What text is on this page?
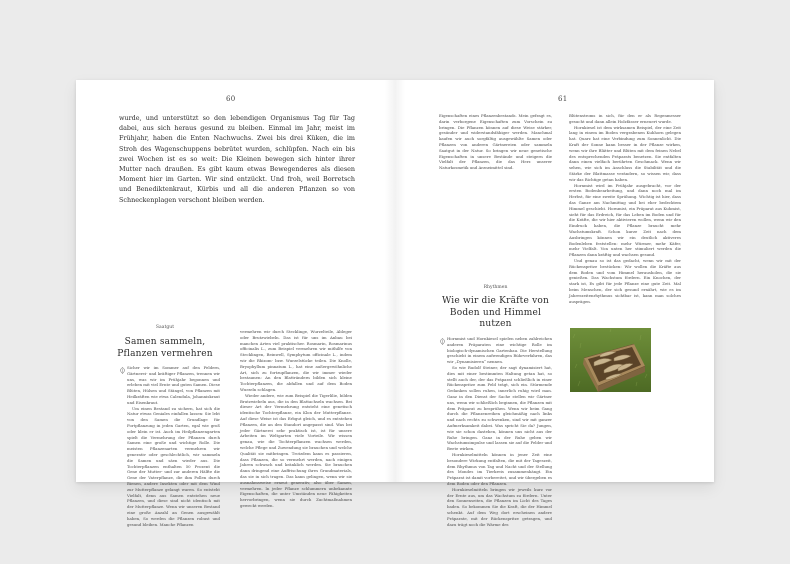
60

wurde, und unterstützt so den lebendigen Organismus Tag für Tag dabei, aus sich heraus gesund zu bleiben. Einmal im Jahr, meist im Frühjahr, haben die Enten Nachwuchs. Zwei bis drei Küken, die im Stroh des Wagenschuppens bebrütet wurden, schlüpfen. Nach ein bis zwei Wochen ist es so weit: Die Kleinen bewegen sich hinter ihrer Mutter nach draußen. Es gibt kaum etwas Bewegenderes als diesen Moment hier im Garten. Wir sind entzückt. Und froh, weil Borretsch und Benediktenkraut, Kürbis und all die anderen Pflanzen so von Schneckenplagen verschont bleiben werden.

Saatgut
Samen sammeln, Pflanzen vermehren

Sicher wir im Sommer auf den Feldern, Gärtnerei- und kräftiger Pflanzen, trennen wir uns, was wir im Frühjahr begonnen und erleben mit viel Ernte und guten Samen. Diese Blüten, Hülsen und Stängel, von Pflanzen mit Heilkräften wie etwa Calendula, Johanniskraut und Eisenkraut.

Um einen Bestand zu sichern, hat sich die Natur etwas Geniales einfallen lassen: Sie lebt von den Samen die Grundlage für Fortpflanzung in jeden Garten, egal wie groß oder klein er ist. Auch im Heilpflanzengarten spielt die Vermehrung der Pflanzen durch Samen eine große und wichtige Rolle. Die meisten Pflanzenarten vermehren wir generativ oder geschlechtlich, wir sammeln die Samen und säen wieder aus. Die Tochterpflanzen enthalten 50 Prozent die Gene der Mutter- und zur anderen Hälfte die Gene der Vaterpflanze, die ihm Pollen durch Bienen, andere Insekten oder mit dem Wind zur Mutterpflanze gelangt waren. So entsteht Vielfalt, denn aus Samen entstehen neue Pflanzen, und diese sind nicht identisch mit der Mutterpflanze. Wenn wir unseren Bestand eine große Anzahl an Genen ausgewählt haben, So werden die Pflanzen robust und gesund bleiben. Manche Pflanzen

vermehren wir durch Stecklinge, Wurzelteile, Ableger oder Brutzwiebeln. Das ist für uns im Anbau bei manchen Arten viel praktischer. Rosmarin, Rosmarinus officinalis L., zum Beispiel vermehren wir mithilfe von Stecklingen, Beinwell, Symphytum officinale L., indem wir die Rhizom- bzw. Wurzelstücke teilen. Die Knolle, Bryophyllum pinnatum L., hat eine außergewöhnliche Art, sich zu fortzupflanzen, die wir immer wieder bestaunen: An den Blatträndern bilden sich kleine Tochterpflanzen, die abfallen und auf dem Boden Wurzeln schlagen.

Wieder andere, wie zum Beispiel die Tigerlilie, bilden Brutzwiebeln aus, die in den Blattachseln wachsen. Bei dieser Art der Vermehrung entsteht eine genetisch identische Tochterpflanze, ein Klon der Mutterpflanze. Auf diese Weise ist das Erbgut gleich, und es entstehen Pflanzen, die an den Standort angepasst sind. Was bei jeder Gärtnerei sehr praktisch ist, ist für unsere Arbeiten im Weltgarten viele Vorteile. Wir wissen genau, wie die Tochterpflanzen wachsen werden, welche Pflege und Zuwendung sie brauchen und welche Qualität sie mitbringen. Trotzdem kann es passieren, dass Pflanzen, die so vermehrt werden, nach einigen Jahren schwach und kränklich werden. Sie brauchen dann dringend eine Auffrischung ihres Grundmaterials, das sie in sich tragen. Das kann gelingen, wenn wir sie ausnahmsweise erneut generativ, also über Samen, vermehren. In jeder Pflanze schlummern unbekannte Eigenschaften, die unter Umständen neue Fähigkeiten hervorbringen, wenn sie durch Zuchtmaßnahmen geweckt werden.

61
Eigenschaften eines Pflanzenbestands. Mein gefragt es, darin verborgene Eigenschaften zum Vorschein zu bringen. Die Pflanzen können auf diese Weise stärker, gesünder und widerstandsfähiger werden. Manchmal kaufen wir auch sorgfältig ausgewählte Samen oder Pflanzen von anderen Gärtnereien oder sammeln Saatgut in der Natur. So bringen wir neue genetische Eigenschaften in unsere Bestände und steigern die Vielfalt der Pflanzen, die das Herz unserer Naturkosmetik und Arzneimittel sind.
Rhythmen
Wie wir die Kräfte von Boden und Himmel nutzen

Hornmist und Hornkiesel spielen neben zahlreichen anderen Präparaten eine wichtige Rolle im biologisch-dynamischen Gartenbau. Die Herstellung geschieht in einem aufwendigen Rührverfahren, das wir „Dynamisieren“ nennen.

So wie Rudolf Steiner, der sagt dynamisiert hat, dies mit einer bestimmten Haltung getan hat, so stellt auch der, der das Präparat schließlich in einer Rückenspritze zum Feld trägt, sich ein. Stürmende Gedanken sollen ruhen, innerlich ruhig wird man. Ganz in den Dienst der Sache stellen wir Gärtner uns, wenn wir schließlich beginnen, die Pflanzen mit dem Präparat zu besprühen. Wenn wir beim Gang durch die Pflanzenreihen gleichmäßig nach links und nach rechts zu schwenken, sind wir mit ganzer Aufmerksamkeit dabei. Was spricht Sie da? Jungen, wie sie schon dastehen, können uns nicht aus der Ruhe bringen. Ganz in der Ruhe geben wir Wachstumsimpulse und lassen sie auf die Felder und Beete wirken.

Hornkieselmitteln können in jener Zeit eine besondere Wirkung entfalten, die mit der Tageszeit, dem Rhythmus von Tag und Nacht und der Stellung des Mondes im Tierkreis zusammenhängt. Ein Präparat ist damit vorbereitet, und wir übergeben es dem Boden oder den Pflanzen.

Hornkieselmitteln bringen wir jeweils kurz vor der Ernte aus, um das Wachstum zu fördern. Unter den Sonnenseiten, die Pflanzen im Licht des Tages baden. So bekommen Sie die Kraft, die der Himmel schenkt. Auf dem Weg dort erscheinen andere Präparate, mit der Rückenspritze getragen, und dazu trägt noch die Wärme des

Blütenstroms in sich, für den er als Regenmesser gesucht und dann allein Holzfässer erneuert wurde.

Hornkiesel ist dem wirksamen Beispiel, der eine Zeit lang in einem im Boden vergrabenen Kuhhorn gelegen hat. Quarz hat eine Verbindung zum Sonnenlicht. Die Kraft der Sonne kann besser in der Pflanze wirken, wenn wir ihre Blätter und Blüten mit dem feinen Nebel des entsprechenden Präparats benetzen. Sie entfalten dann einen vielfach berührten Geschmack. Wenn wir sehen, wie sich im Anschluss die Stabilität und die Stärke der Blattmasse verändern, so wissen wir, dass wir das Richtige getan haben.

Hornmist wird im Frühjahr ausgebracht, vor der ersten Bodenbearbeitung, und dann noch mal im Herbst, für eine zweite Sprühung. Wichtig ist hier, dass das Ganze am Nachmittag und bei eher bedecktem Himmel geschieht. Hornmist, ein Präparat aus Kuhmist, sieht für das Erdreich, für das Leben im Boden und für die Kräfte, die wir hier aktivieren wollen, wenn wir den Eindruck haben, die Pflanze braucht mehr Wachstumskraft. Schon kurze Zeit nach dem Ausbringen können wir ein deutlich aktiveres Bodenleben feststellen: mehr Würmer, mehr Käfer, mehr Vielfalt. Von unten her stimuliert werden die Pflanzen dann kräftig und wachsen gesund.

Und genau so ist das gedacht, wenn wir mit der Rückenspritze bestücken: Wir wollen die Kräfte aus dem Boden und vom Himmel herausholen, die sie genießen. Das Wachstum fördern. Ein Knochen, der stark ist, Es gibt für jede Pflanze eine gute Zeit. Mal beim Menschen, der sich gesund ernährt, wie es im Jahreszeitenrhythmus sichtbar ist, kann man solches ausprägen.
